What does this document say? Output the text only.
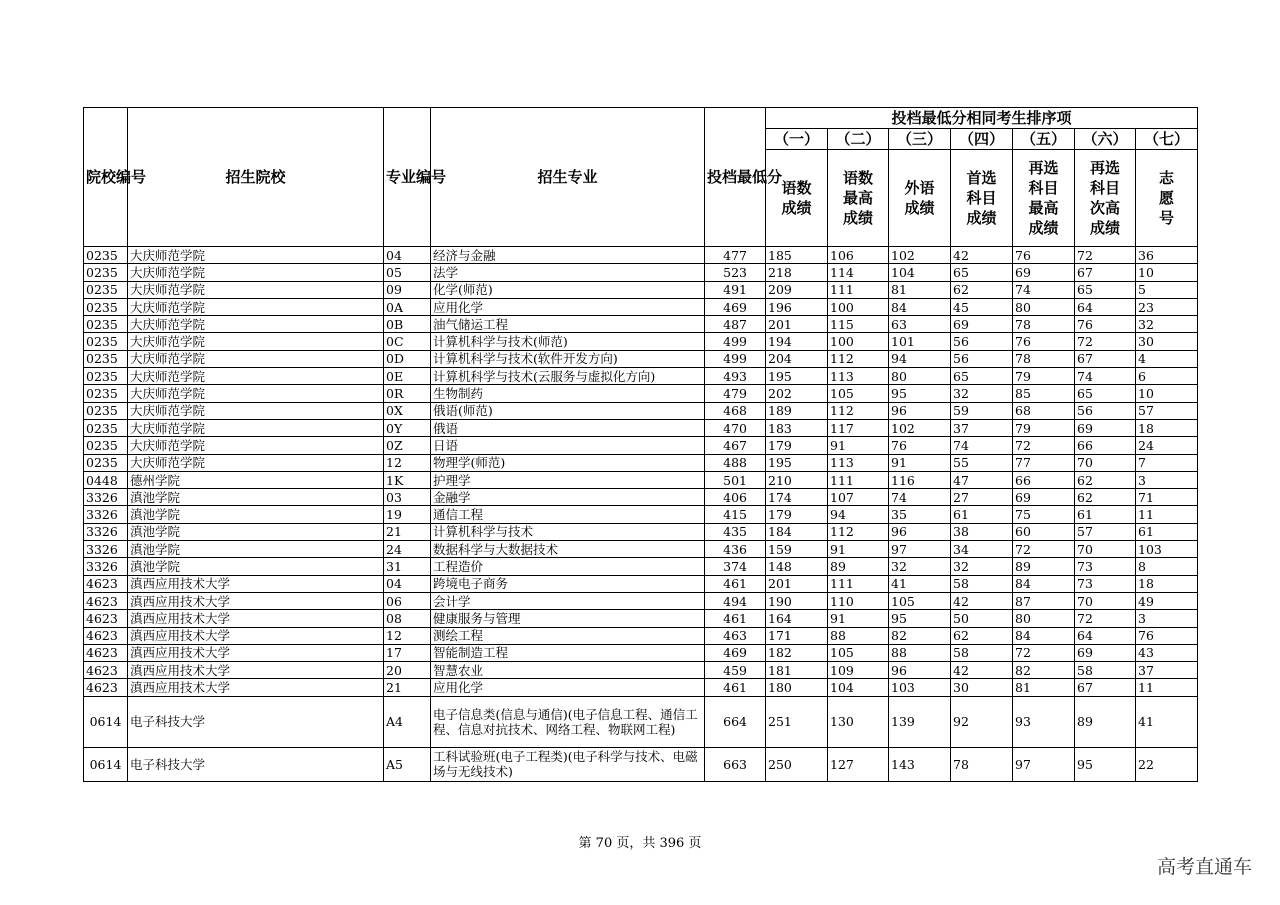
院校编号	招生院校	专业编号	招生专业	投档最低分	投档最低分相同考生排序项						
					（一）	（二）	（三）	（四）	（五）	（六）	（七）
					语数成绩	语数最高成绩	外语成绩	首选科目成绩	再选科目最高成绩	再选科目次高成绩	志愿号
0235	大庆师范学院	04	经济与金融	477	185	106	102	42	76	72	36
0235	大庆师范学院	05	法学	523	218	114	104	65	69	67	10
0235	大庆师范学院	09	化学(师范)	491	209	111	81	62	74	65	5
0235	大庆师范学院	0A	应用化学	469	196	100	84	45	80	64	23
0235	大庆师范学院	0B	油气储运工程	487	201	115	63	69	78	76	32
0235	大庆师范学院	0C	计算机科学与技术(师范)	499	194	100	101	56	76	72	30
0235	大庆师范学院	0D	计算机科学与技术(软件开发方向)	499	204	112	94	56	78	67	4
0235	大庆师范学院	0E	计算机科学与技术(云服务与虚拟化方向)	493	195	113	80	65	79	74	6
0235	大庆师范学院	0R	生物制药	479	202	105	95	32	85	65	10
0235	大庆师范学院	0X	俄语(师范)	468	189	112	96	59	68	56	57
0235	大庆师范学院	0Y	俄语	470	183	117	102	37	79	69	18
0235	大庆师范学院	0Z	日语	467	179	91	76	74	72	66	24
0235	大庆师范学院	12	物理学(师范)	488	195	113	91	55	77	70	7
0448	德州学院	1K	护理学	501	210	111	116	47	66	62	3
3326	滇池学院	03	金融学	406	174	107	74	27	69	62	71
3326	滇池学院	19	通信工程	415	179	94	35	61	75	61	11
3326	滇池学院	21	计算机科学与技术	435	184	112	96	38	60	57	61
3326	滇池学院	24	数据科学与大数据技术	436	159	91	97	34	72	70	103
3326	滇池学院	31	工程造价	374	148	89	32	32	89	73	8
4623	滇西应用技术大学	04	跨境电子商务	461	201	111	41	58	84	73	18
4623	滇西应用技术大学	06	会计学	494	190	110	105	42	87	70	49
4623	滇西应用技术大学	08	健康服务与管理	461	164	91	95	50	80	72	3
4623	滇西应用技术大学	12	测绘工程	463	171	88	82	62	84	64	76
4623	滇西应用技术大学	17	智能制造工程	469	182	105	88	58	72	69	43
4623	滇西应用技术大学	20	智慧农业	459	181	109	96	42	82	58	37
4623	滇西应用技术大学	21	应用化学	461	180	104	103	30	81	67	11
0614	电子科技大学	A4	电子信息类(信息与通信)(电子信息工程、通信工程、信息对抗技术、网络工程、物联网工程)	664	251	130	139	92	93	89	41
0614	电子科技大学	A5	工科试验班(电子工程类)(电子科学与技术、电磁场与无线技术)	663	250	127	143	78	97	95	22
第 70 页，共 396 页
高考直通车
